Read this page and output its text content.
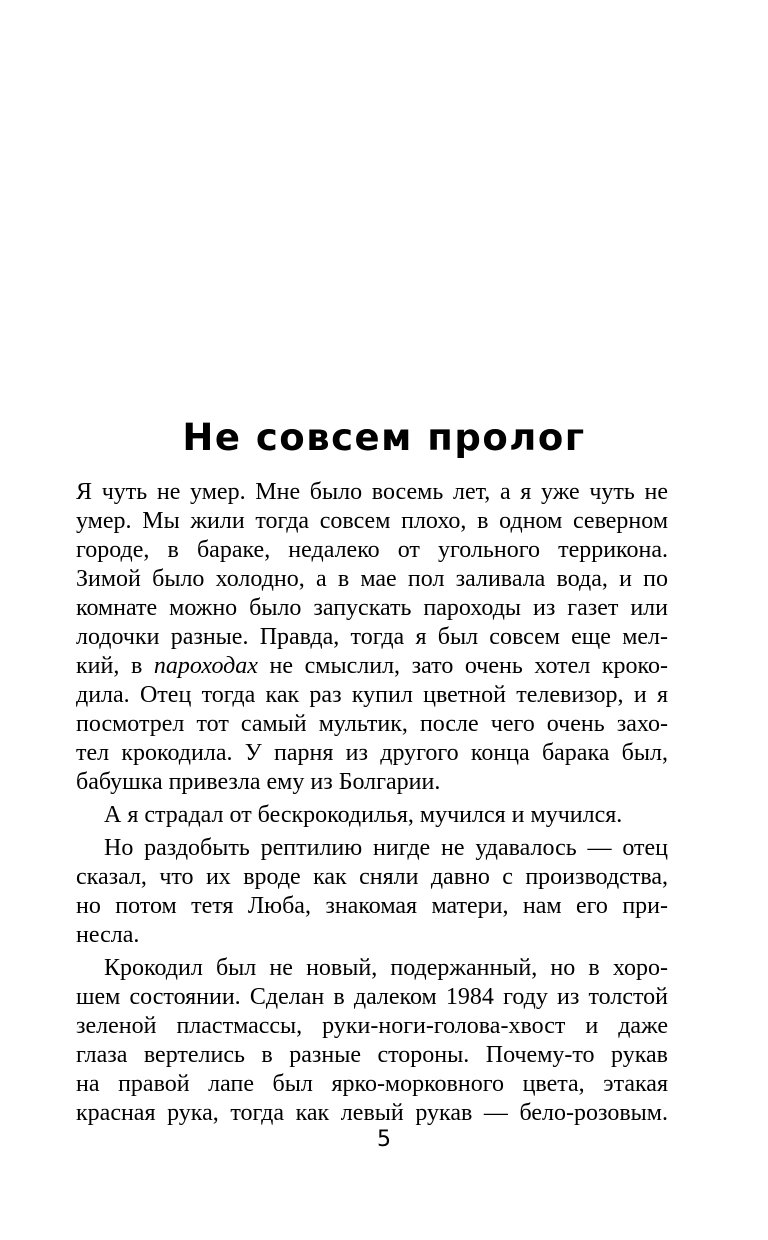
Не совсем пролог
Я чуть не умер. Мне было восемь лет, а я уже чуть не
умер. Мы жили тогда совсем плохо, в одном северном
городе, в бараке, недалеко от угольного терриконa.
Зимой было холодно, а в мае пол заливала вода, и по
комнате можно было запускать пароходы из газет или
лодочки разные. Правда, тогда я был совсем еще мел-
кий, в пароходах не смыслил, зато очень хотел кроко-
дила. Отец тогда как раз купил цветной телевизор, и я
посмотрел тот самый мультик, после чего очень захо-
тел крокодила. У парня из другого конца барака был,
бабушка привезла ему из Болгарии.
А я страдал от бескрокодилья, мучился и мучился.
Но раздобыть рептилию нигде не удавалось — отец
сказал, что их вроде как сняли давно с производства,
но потом тетя Люба, знакомая матери, нам его при-
несла.
Крокодил был не новый, подержанный, но в хоро-
шем состоянии. Сделан в далеком 1984 году из толстой
зеленой пластмассы, руки-ноги-голова-хвост и даже
глаза вертелись в разные стороны. Почему-то рукав
на правой лапе был ярко-морковного цвета, этакая
красная рука, тогда как левый рукав — бело-розовым.
5
